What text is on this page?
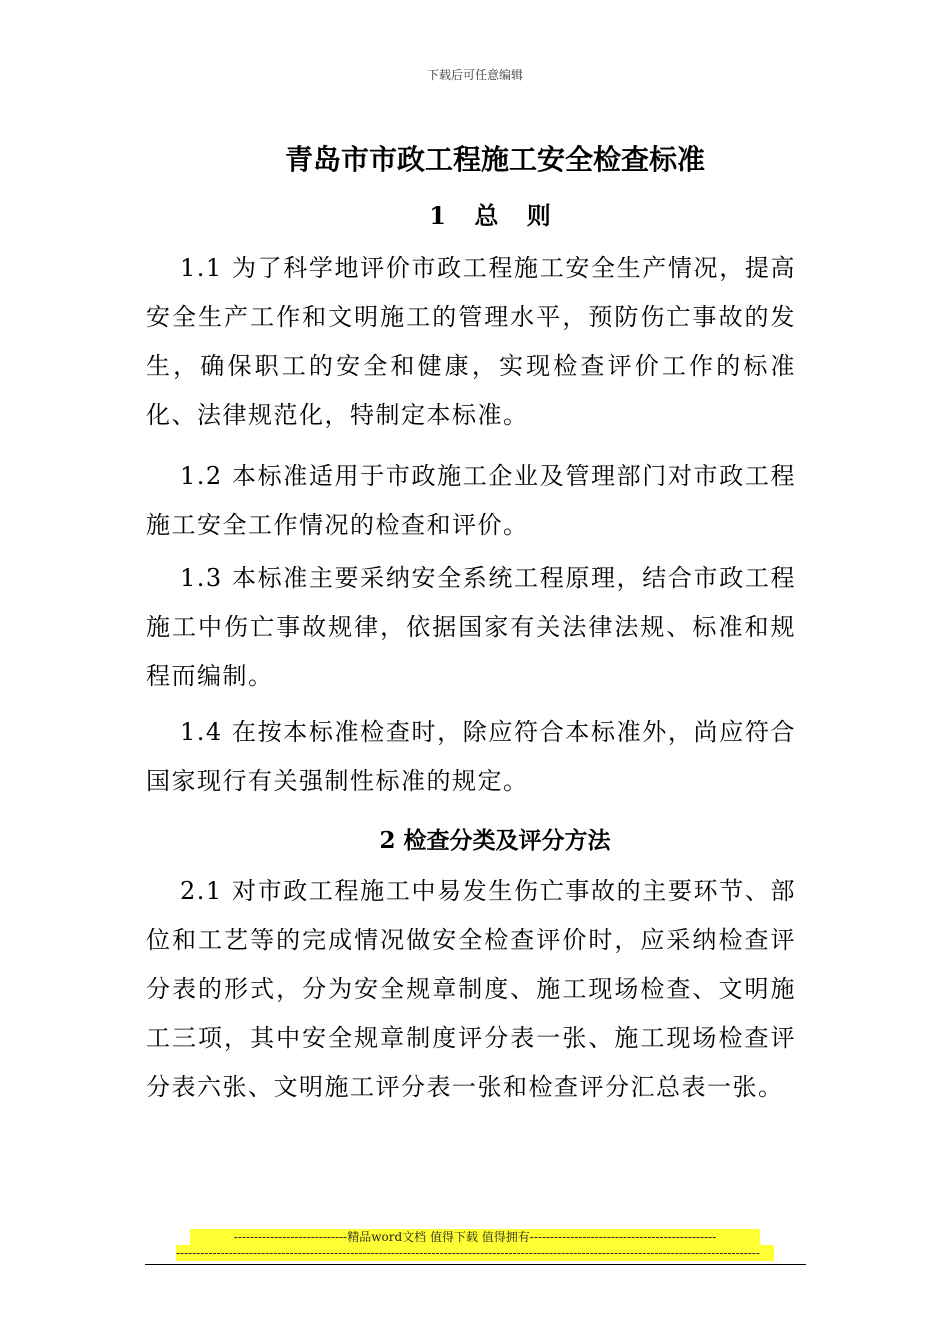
下载后可任意编辑
青岛市市政工程施工安全检查标准
1 总 则
1.1 为了科学地评价市政工程施工安全生产情况，提高安全生产工作和文明施工的管理水平，预防伤亡事故的发生，确保职工的安全和健康，实现检查评价工作的标准化、法律规范化，特制定本标准。
1.2 本标准适用于市政施工企业及管理部门对市政工程施工安全工作情况的检查和评价。
1.3 本标准主要采纳安全系统工程原理，结合市政工程施工中伤亡事故规律，依据国家有关法律法规、标准和规程而编制。
1.4 在按本标准检查时，除应符合本标准外，尚应符合国家现行有关强制性标准的规定。
2 检查分类及评分方法
2.1 对市政工程施工中易发生伤亡事故的主要环节、部位和工艺等的完成情况做安全检查评价时，应采纳检查评分表的形式，分为安全规章制度、施工现场检查、文明施工三项，其中安全规章制度评分表一张、施工现场检查评分表六张、文明施工评分表一张和检查评分汇总表一张。
----------------------------精品word文档 值得下载 值得拥有----------------------------------------------
------------------------------------------------------------------------------------------------------------------------------------------------
